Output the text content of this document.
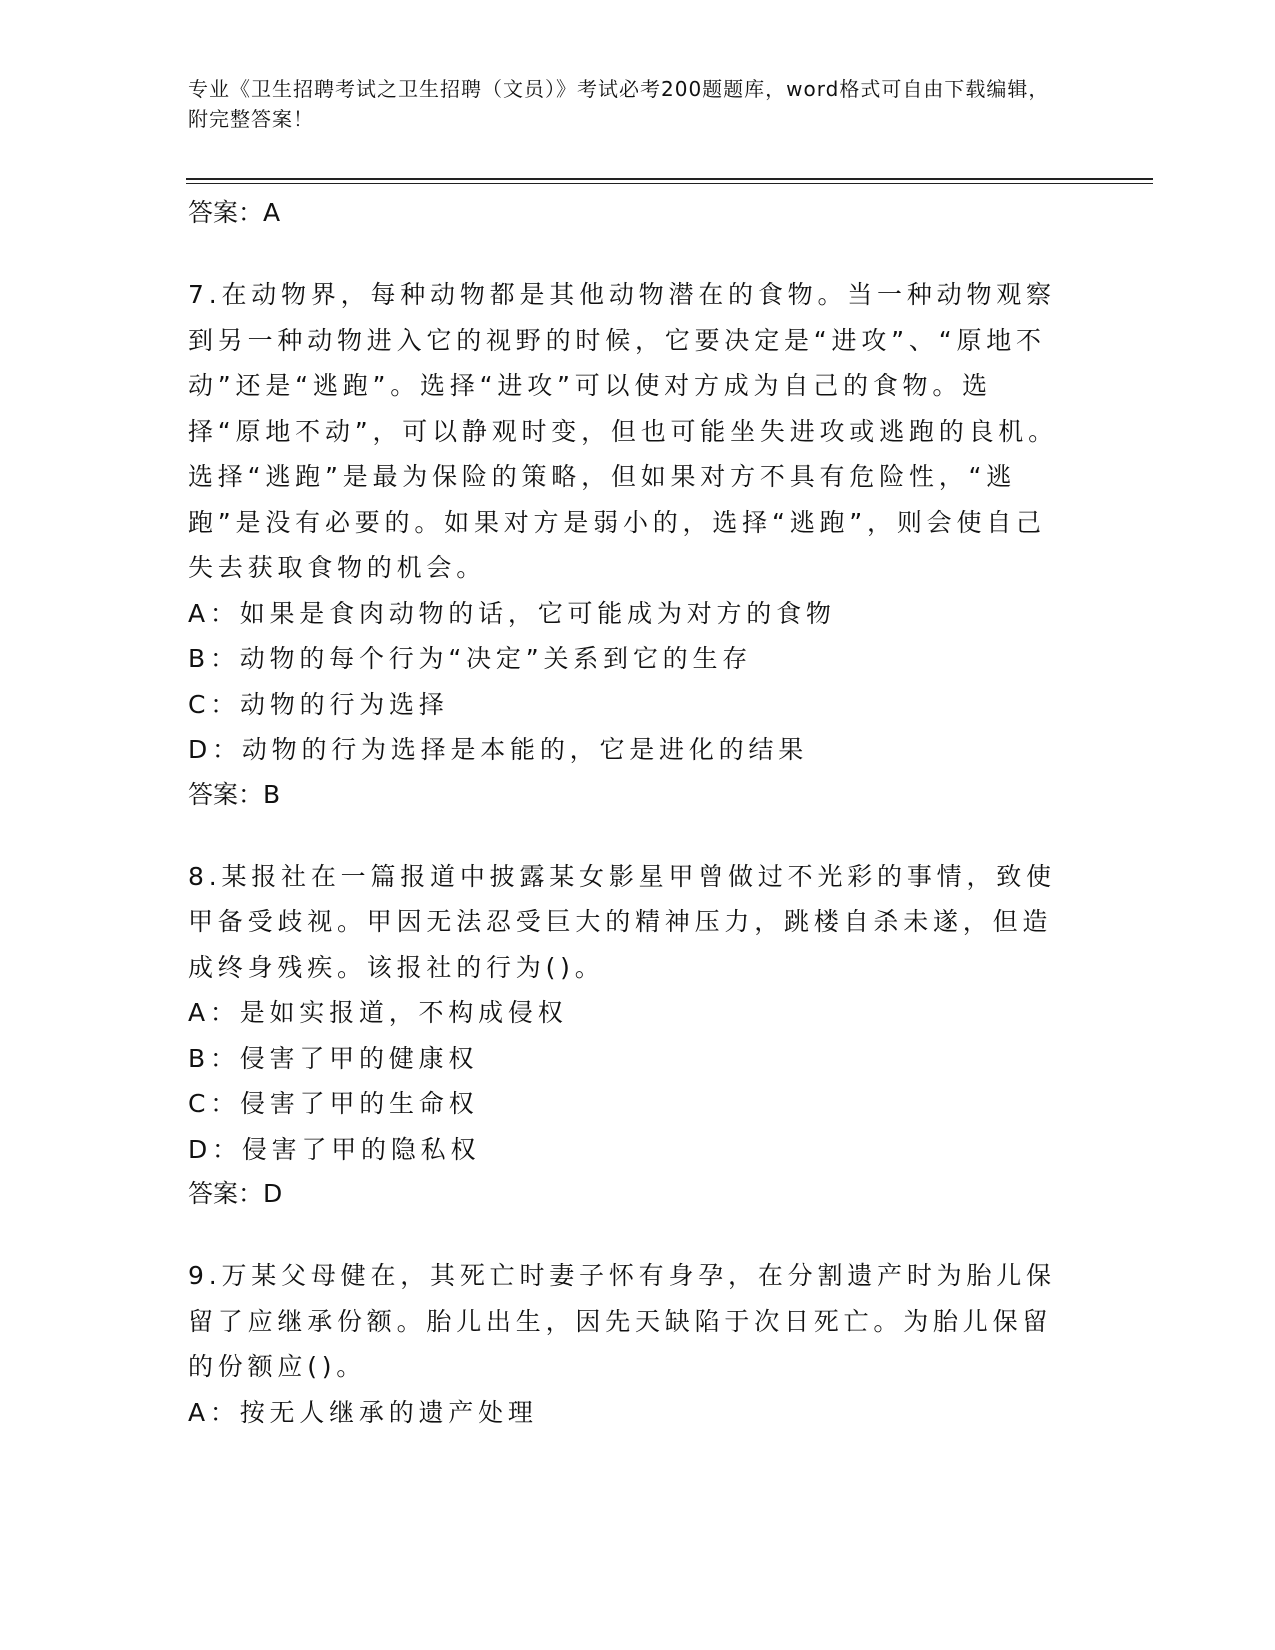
专业《卫生招聘考试之卫生招聘（文员）》考试必考200题题库，word格式可自由下载编辑，附完整答案！

答案：A

7.在动物界，每种动物都是其他动物潜在的食物。当一种动物观察到另一种动物进入它的视野的时候，它要决定是“进攻”、“原地不动”还是“逃跑”。选择“进攻”可以使对方成为自己的食物。选择“原地不动”，可以静观时变，但也可能坐失进攻或逃跑的良机。选择“逃跑”是最为保险的策略，但如果对方不具有危险性，“逃跑”是没有必要的。如果对方是弱小的，选择“逃跑”，则会使自己失去获取食物的机会。

A：如果是食肉动物的话，它可能成为对方的食物

B：动物的每个行为“决定”关系到它的生存

C：动物的行为选择

D：动物的行为选择是本能的，它是进化的结果

答案：B

8.某报社在一篇报道中披露某女影星甲曾做过不光彩的事情，致使甲备受歧视。甲因无法忍受巨大的精神压力，跳楼自杀未遂，但造成终身残疾。该报社的行为()。

A：是如实报道，不构成侵权

B：侵害了甲的健康权

C：侵害了甲的生命权

D：侵害了甲的隐私权

答案：D

9.万某父母健在，其死亡时妻子怀有身孕，在分割遗产时为胎儿保留了应继承份额。胎儿出生，因先天缺陷于次日死亡。为胎儿保留的份额应()。

A：按无人继承的遗产处理
